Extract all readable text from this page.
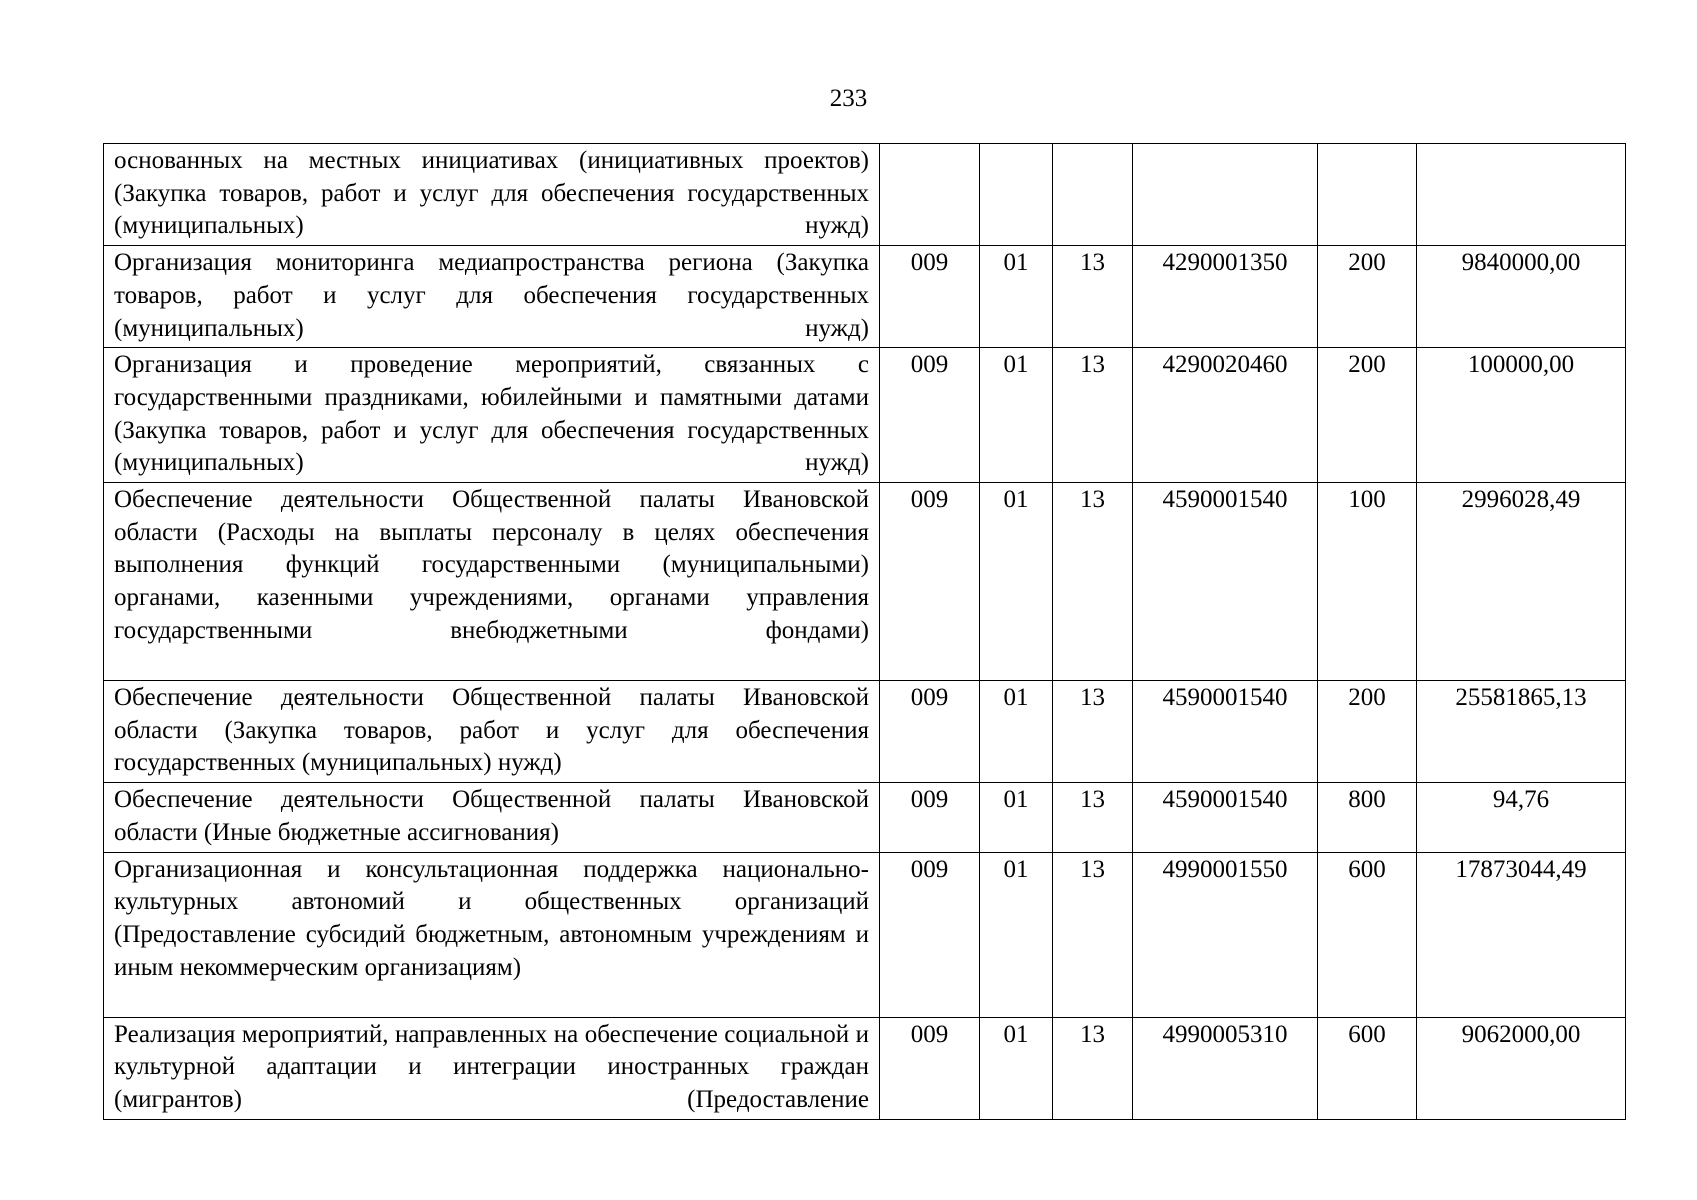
233
основанных на местных инициативах (инициативных проектов) (Закупка товаров, работ и услуг для обеспечения государственных (муниципальных) нужд)						
Организация мониторинга медиапространства региона (Закупка товаров, работ и услуг для обеспечения государственных (муниципальных) нужд)	009	01	13	4290001350	200	9840000,00
Организация и проведение мероприятий, связанных с государственными праздниками, юбилейными и памятными датами (Закупка товаров, работ и услуг для обеспечения государственных (муниципальных) нужд)	009	01	13	4290020460	200	100000,00
Обеспечение деятельности Общественной палаты Ивановской области (Расходы на выплаты персоналу в целях обеспечения выполнения функций государственными (муниципальными) органами, казенными учреждениями, органами управления государственными внебюджетными фондами)	009	01	13	4590001540	100	2996028,49
Обеспечение деятельности Общественной палаты Ивановской области (Закупка товаров, работ и услуг для обеспечения государственных (муниципальных) нужд)	009	01	13	4590001540	200	25581865,13
Обеспечение деятельности Общественной палаты Ивановской области (Иные бюджетные ассигнования)	009	01	13	4590001540	800	94,76
Организационная и консультационная поддержка национально-культурных автономий и общественных организаций (Предоставление субсидий бюджетным, автономным учреждениям и иным некоммерческим организациям)	009	01	13	4990001550	600	17873044,49
Реализация мероприятий, направленных на обеспечение социальной и культурной адаптации и интеграции иностранных граждан (мигрантов) (Предоставление	009	01	13	4990005310	600	9062000,00
